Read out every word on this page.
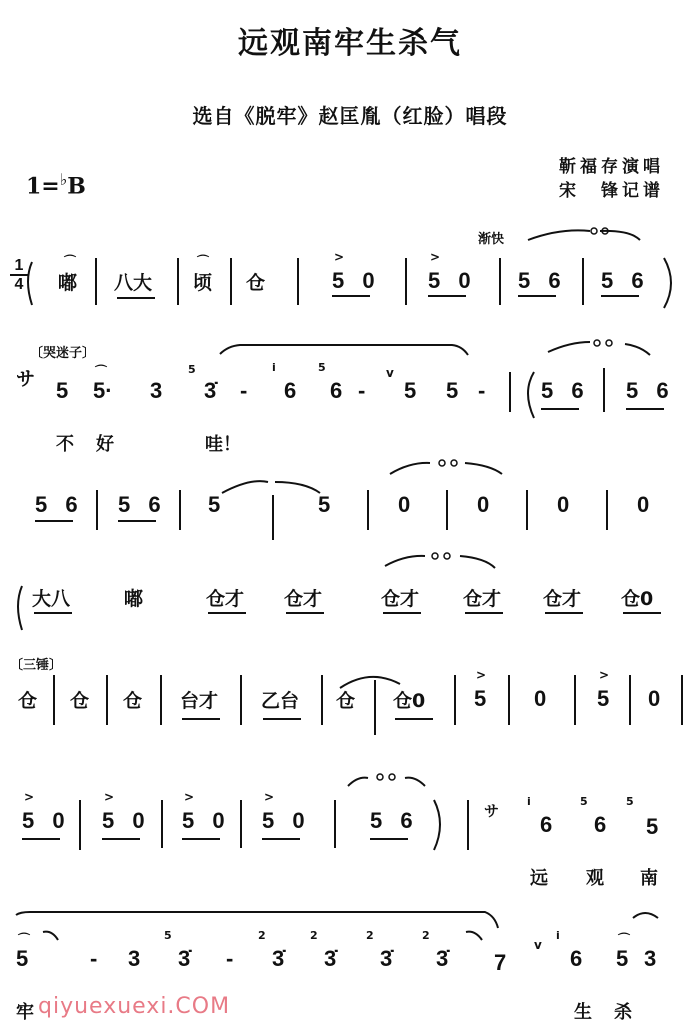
远观南牢生杀气
选自《脱牢》赵匡胤（红脸）唱段
靳福存演唱
宋　锋记谱
1=♭B
1
4 嘟
⌒
八大 顷
⌒
仓	5 0
>
5 0
>
5 6 5 6
渐快
〔哭迷子〕
サ 5 5·
⌒
3
5
3̇ -
i
6
5
6 -
v
5 5 -	5 6 5 6
不 好	哇！
5 6 5 6 5	5	0	0	0	0
大八	嘟	仓才 仓才	仓才 仓才 仓才 仓0
〔三锤〕
仓 仓 仓 台才 乙台 仓 仓0 5
>
0 5
>
0
5 0
>
5 0
>
5 0
>
5 0
>
5 6	サ
i
6
5
6
5
5
远 观 南
5
⌒
- 3
5
3̇ -
2
3̇
2
3̇
2
3̇
2
3̇ 7
v
i
6 5
⌒
3
牢	生 杀
qiyuexuexi.COM
